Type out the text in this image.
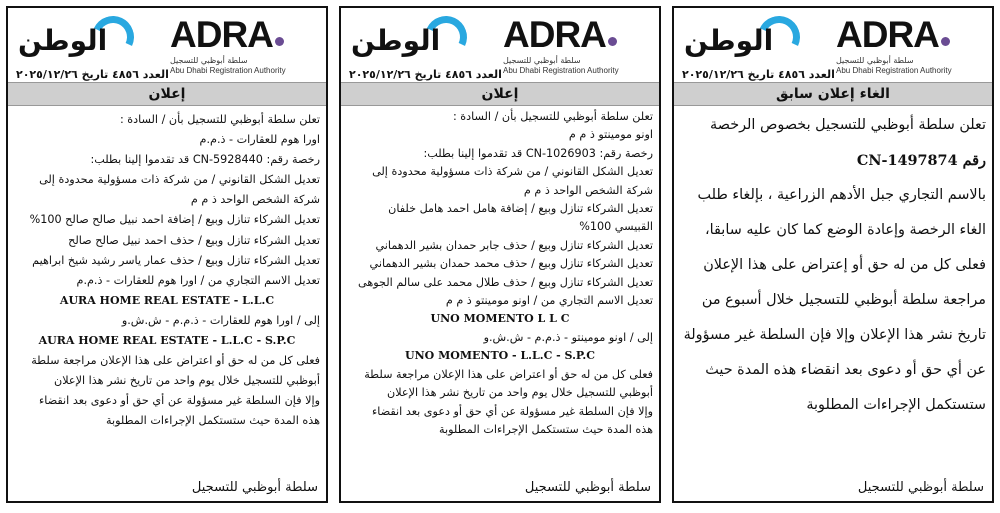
الوطن ADRA
سلطة أبوظبي للتسجيل
Abu Dhabi Registration Authority
العدد ٤٨٥٦ تاريخ ٢٠٢٥/١٢/٢٦
إعلان

تعلن سلطة أبوظبي للتسجيل بأن / السادة :

اورا هوم للعقارات - ذ.م.م

رخصة رقم: CN-5928440 قد تقدموا إلينا بطلب:

تعديل الشكل القانوني / من شركة ذات مسؤولية محدودة إلى

شركة الشخص الواحد ذ م م

تعديل الشركاء تنازل وبيع / إضافة احمد نبيل صالح صالح 100%

تعديل الشركاء تنازل وبيع / حذف احمد نبيل صالح صالح

تعديل الشركاء تنازل وبيع / حذف عمار ياسر رشيد شيخ ابراهيم

تعديل الاسم التجاري من / اورا هوم للعقارات - ذ.م.م

AURA HOME REAL ESTATE - L.L.C

إلى / اورا هوم للعقارات - ذ.م.م - ش.ش.و

AURA HOME REAL ESTATE - L.L.C - S.P.C

فعلى كل من له حق أو اعتراض على هذا الإعلان مراجعة سلطة

أبوظبي للتسجيل خلال يوم واحد من تاريخ نشر هذا الإعلان

وإلا فإن السلطة غير مسؤولة عن أي حق أو دعوى بعد انقضاء

هذه المدة حيث ستستكمل الإجراءات المطلوبة

سلطة أبوظبي للتسجيل
الوطن ADRA
سلطة أبوظبي للتسجيل
Abu Dhabi Registration Authority
العدد ٤٨٥٦ تاريخ ٢٠٢٥/١٢/٢٦
إعلان

تعلن سلطة أبوظبي للتسجيل بأن / السادة :

اونو مومينتو ذ م م

رخصة رقم: CN-1026903 قد تقدموا إلينا بطلب:

تعديل الشكل القانوني / من شركة ذات مسؤولية محدودة إلى

شركة الشخص الواحد ذ م م

تعديل الشركاء تنازل وبيع / إضافة هامل احمد هامل خلفان

القبيسي 100%

تعديل الشركاء تنازل وبيع / حذف جابر حمدان بشير الدهماني

تعديل الشركاء تنازل وبيع / حذف محمد حمدان بشير الدهماني

تعديل الشركاء تنازل وبيع / حذف طلال محمد على سالم الجوهى

تعديل الاسم التجاري من / اونو مومينتو ذ م م

UNO MOMENTO L L C

إلى / اونو مومينتو - ذ.م.م - ش.ش.و

UNO MOMENTO - L.L.C - S.P.C

فعلى كل من له حق أو اعتراض على هذا الإعلان مراجعة سلطة

أبوظبي للتسجيل خلال يوم واحد من تاريخ نشر هذا الإعلان

وإلا فإن السلطة غير مسؤولة عن أي حق أو دعوى بعد انقضاء

هذه المدة حيث ستستكمل الإجراءات المطلوبة

سلطة أبوظبي للتسجيل
الوطن ADRA
سلطة أبوظبي للتسجيل
Abu Dhabi Registration Authority
العدد ٤٨٥٦ تاريخ ٢٠٢٥/١٢/٢٦
الغاء إعلان سابق

تعلن سلطة أبوظبي للتسجيل بخصوص الرخصة

رقم CN-1497874

بالاسم التجاري جبل الأدهم الزراعية ، بإلغاء طلب

الغاء الرخصة وإعادة الوضع كما كان عليه سابقا،

فعلى كل من له حق أو إعتراض على هذا الإعلان

مراجعة سلطة أبوظبي للتسجيل خلال أسبوع من

تاريخ نشر هذا الإعلان وإلا فإن السلطة غير مسؤولة

عن أي حق أو دعوى بعد انقضاء هذه المدة حيث

ستستكمل الإجراءات المطلوبة

سلطة أبوظبي للتسجيل
